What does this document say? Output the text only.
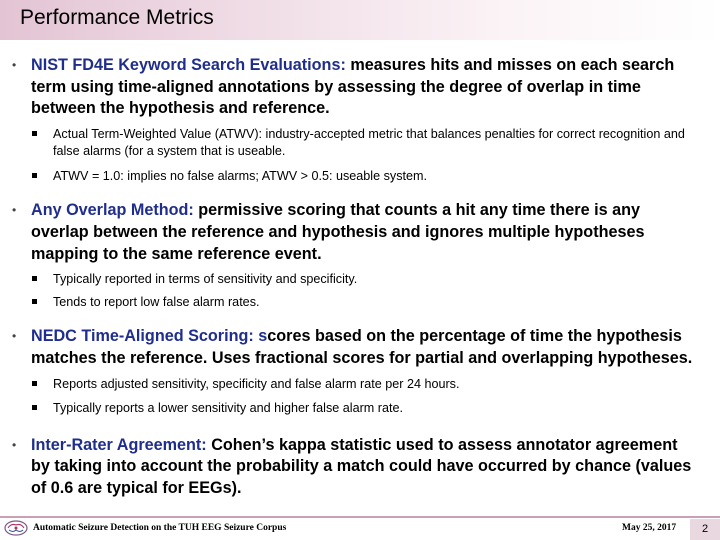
Performance Metrics
• NIST FD4E Keyword Search Evaluations: measures hits and misses on each search term using time-aligned annotations by assessing the degree of overlap in time between the hypothesis and reference.
Actual Term-Weighted Value (ATWV): industry-accepted metric that balances penalties for correct recognition and false alarms (for a system that is useable.
ATWV = 1.0: implies no false alarms; ATWV > 0.5: useable system.
• Any Overlap Method: permissive scoring that counts a hit any time there is any overlap between the reference and hypothesis and ignores multiple hypotheses mapping to the same reference event.
Typically reported in terms of sensitivity and specificity.
Tends to report low false alarm rates.
• NEDC Time-Aligned Scoring: scores based on the percentage of time the hypothesis matches the reference. Uses fractional scores for partial and overlapping hypotheses.
Reports adjusted sensitivity, specificity and false alarm rate per 24 hours.
Typically reports a lower sensitivity and higher false alarm rate.
• Inter-Rater Agreement: Cohen’s kappa statistic used to assess annotator agreement by taking into account the probability a match could have occurred by chance (values of 0.6 are typical for EEGs).
Automatic Seizure Detection on the TUH EEG Seizure Corpus	May 25, 2017	2
